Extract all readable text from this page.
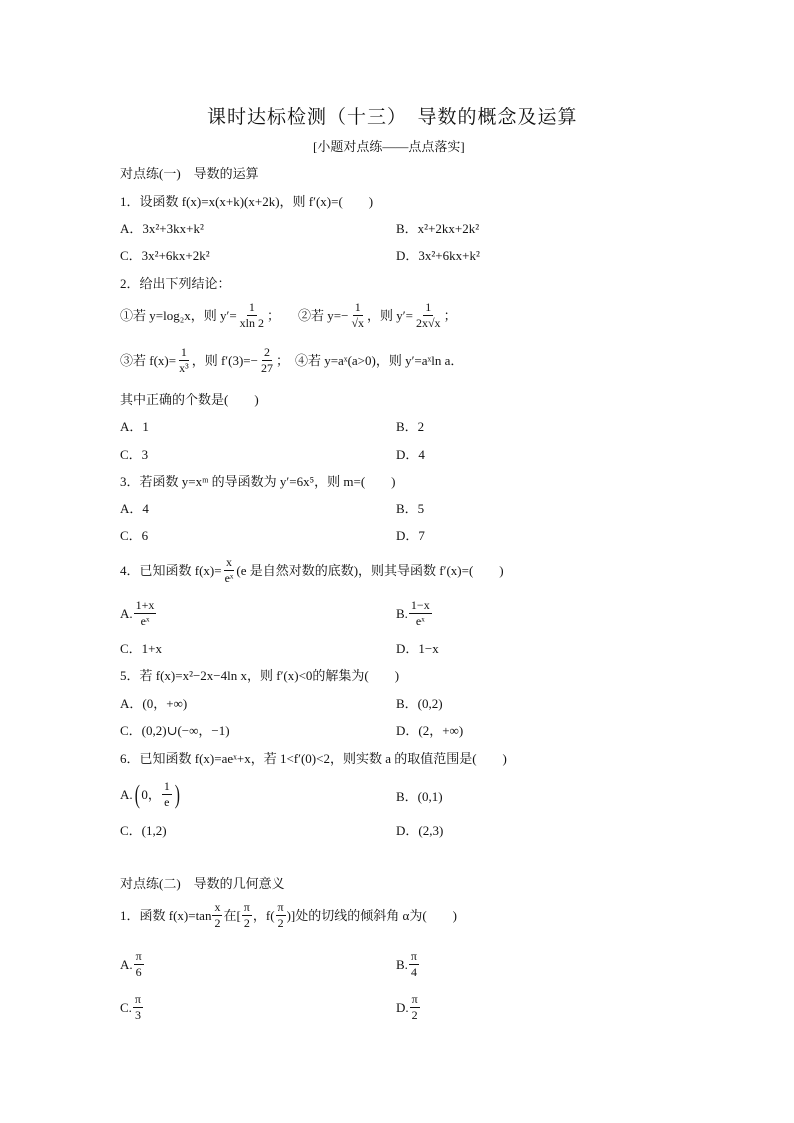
课时达标检测（十三）　导数的概念及运算
[小题对点练——点点落实]
对点练(一)　导数的运算
1．设函数 f(x)=x(x+k)(x+2k)，则 f′(x)=(　　)
A．3x²+3kx+k²	B．x²+2kx+2k²
C．3x²+6kx+2k²	D．3x²+6kx+k²
2．给出下列结论：
①若 y=log₂x，则 $y'= \frac{1}{xln 2}$ ； ②若 $y=- \frac{1}{√x}$ ，则 $y'= \frac{1}{2x√x}$ ；
③若 $f(x)= \frac{1}{\text{x³}}$ ，则 $f'(3)=- \frac{2}{27}$ ； ④若 y=aˣ(a>0)，则 y′=aˣln a．
其中正确的个数是(　　)
A．1	B．2
C．3	D．4
3．若函数 y=xᵐ 的导函数为 y′=6x⁵，则 m=(　　)
A．4	B．5
C．6	D．7
4．已知函数 $f(x)= \frac{x}{\text{eˣ}} (e$ 是自然对数的底数)，则其导函数 f′(x)=(　　)
A. $\frac{1+x}{\text{eˣ}}$	B. $\frac{1-x}{\text{eˣ}}$
C．1+x	D．1−x
5．若 f(x)=x²−2x−4ln x，则 f′(x)<0的解集为(　　)
A．(0，+∞)	B．(0,2)
C．(0,2)∪(−∞，−1)	D．(2，+∞)
6．已知函数 f(x)=aeˣ+x，若 1<f′(0)<2，则实数 a 的取值范围是(　　)
A. ( 0， $\frac{1}{e}$ )	B．(0,1)
C．(1,2)	D．(2,3)
对点练(二)　导数的几何意义
1．函数 $f(x)=\tan \frac{x}{2}$ 在[ $\frac{\pi}{2}$ ，$f( \frac{\pi}{2}$ )]处的切线的倾斜角 α为(　　)
A. $\frac{\pi}{6}$	B. $\frac{\pi}{4}$
C. $\frac{\pi}{3}$	D. $\frac{\pi}{2}$
